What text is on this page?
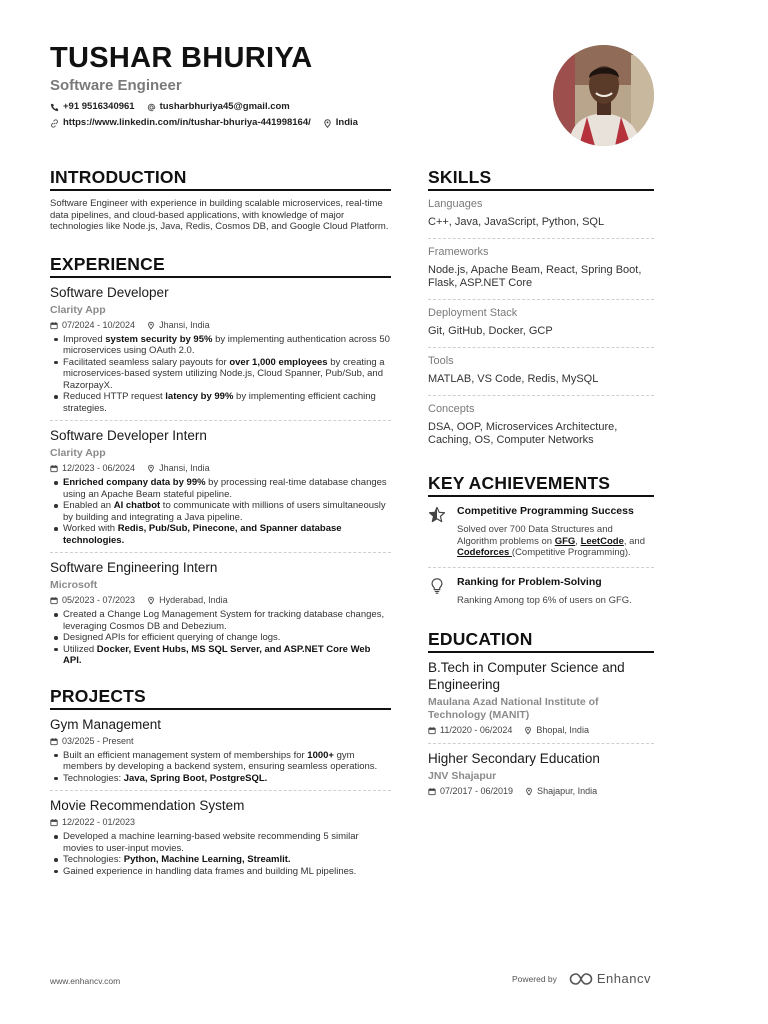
TUSHAR BHURIYA
Software Engineer
+91 9516340961	tusharbhuriya45@gmail.com
https://www.linkedin.com/in/tushar-bhuriya-441998164/	India
INTRODUCTION
Software Engineer with experience in building scalable microservices, real-time data pipelines, and cloud-based applications, with knowledge of major technologies like Node.js, Java, Redis, Cosmos DB, and Google Cloud Platform.
EXPERIENCE
Software Developer
Clarity App
07/2024 - 10/2024	Jhansi, India
Improved system security by 95% by implementing authentication across 50 microservices using OAuth 2.0.
Facilitated seamless salary payouts for over 1,000 employees by creating a microservices-based system utilizing Node.js, Cloud Spanner, Pub/Sub, and RazorpayX.
Reduced HTTP request latency by 99% by implementing efficient caching strategies.
Software Developer Intern
Clarity App
12/2023 - 06/2024	Jhansi, India
Enriched company data by 99% by processing real-time database changes using an Apache Beam stateful pipeline.
Enabled an AI chatbot to communicate with millions of users simultaneously by building and integrating a Java pipeline.
Worked with Redis, Pub/Sub, Pinecone, and Spanner database technologies.
Software Engineering Intern
Microsoft
05/2023 - 07/2023	Hyderabad, India
Created a Change Log Management System for tracking database changes, leveraging Cosmos DB and Debezium.
Designed APIs for efficient querying of change logs.
Utilized Docker, Event Hubs, MS SQL Server, and ASP.NET Core Web API.
PROJECTS
Gym Management
03/2025 - Present
Built an efficient management system of memberships for 1000+ gym members by developing a backend system, ensuring seamless operations.
Technologies: Java, Spring Boot, PostgreSQL.
Movie Recommendation System
12/2022 - 01/2023
Developed a machine learning-based website recommending 5 similar movies to user-input movies.
Technologies: Python, Machine Learning, Streamlit.
Gained experience in handling data frames and building ML pipelines.
SKILLS
Languages
C++, Java, JavaScript, Python, SQL
Frameworks
Node.js, Apache Beam, React, Spring Boot, Flask, ASP.NET Core
Deployment Stack
Git, GitHub, Docker, GCP
Tools
MATLAB, VS Code, Redis, MySQL
Concepts
DSA, OOP, Microservices Architecture, Caching, OS, Computer Networks
KEY ACHIEVEMENTS
Competitive Programming Success
Solved over 700 Data Structures and Algorithm problems on GFG, LeetCode, and Codeforces (Competitive Programming).
Ranking for Problem-Solving
Ranking Among top 6% of users on GFG.
EDUCATION
B.Tech in Computer Science and Engineering
Maulana Azad National Institute of Technology (MANIT)
11/2020 - 06/2024	Bhopal, India
Higher Secondary Education
JNV Shajapur
07/2017 - 06/2019	Shajapur, India
www.enhancv.com	Powered by	Enhancv
